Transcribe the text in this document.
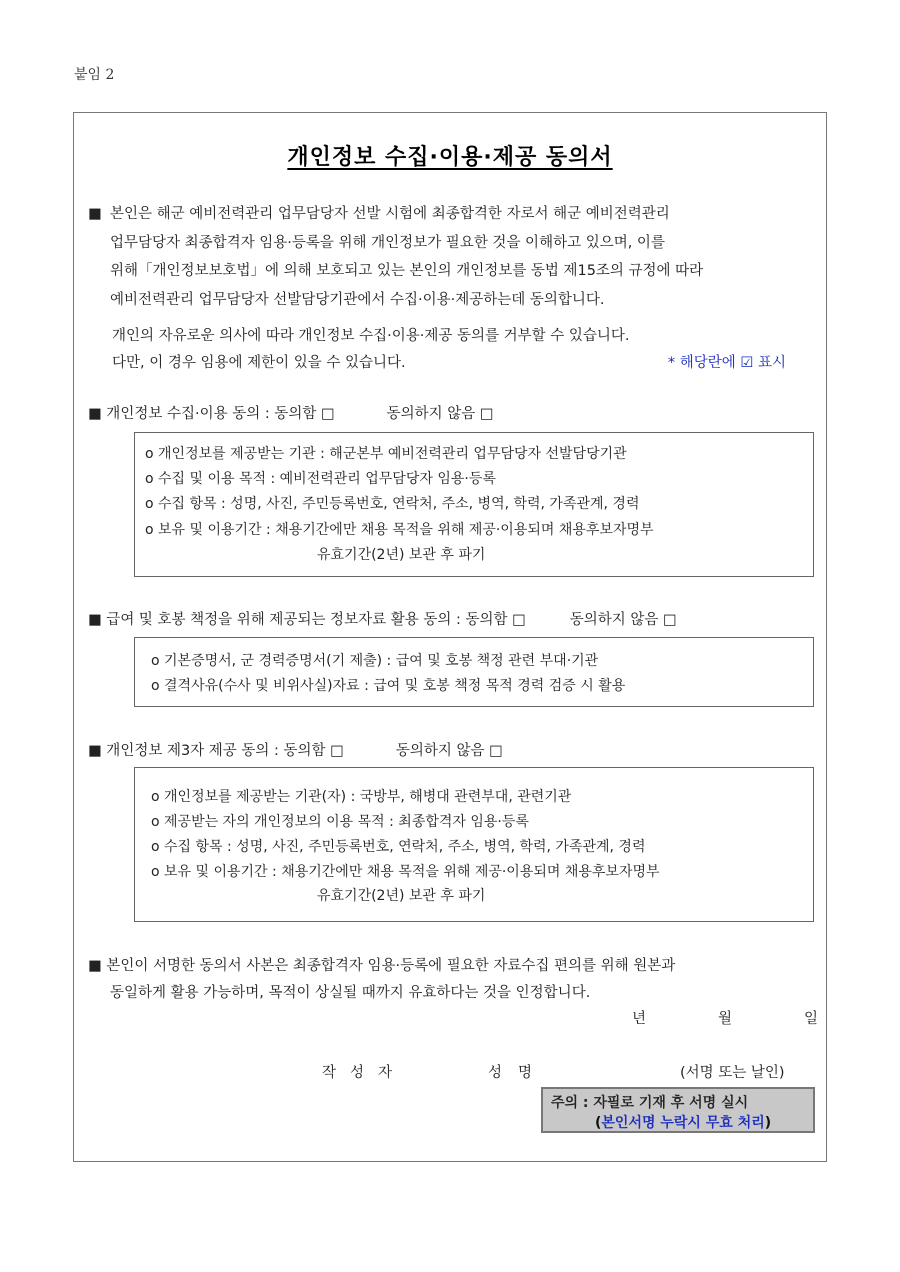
붙임 2
개인정보 수집·이용·제공 동의서
■ 본인은 해군 예비전력관리 업무담당자 선발 시험에 최종합격한 자로서 해군 예비전력관리
업무담당자 최종합격자 임용·등록을 위해 개인정보가 필요한 것을 이해하고 있으며, 이를
위해「개인정보보호법」에 의해 보호되고 있는 본인의 개인정보를 동법 제15조의 규정에 따라
예비전력관리 업무담당자 선발담당기관에서 수집·이용·제공하는데 동의합니다.
개인의 자유로운 의사에 따라 개인정보 수집·이용·제공 동의를 거부할 수 있습니다.
다만, 이 경우 임용에 제한이 있을 수 있습니다.	* 해당란에 ☑ 표시
■ 개인정보 수집·이용 동의 : 동의함 □	동의하지 않음 □
o 개인정보를 제공받는 기관 : 해군본부 예비전력관리 업무담당자 선발담당기관
o 수집 및 이용 목적 : 예비전력관리 업무담당자 임용·등록
o 수집 항목 : 성명, 사진, 주민등록번호, 연락처, 주소, 병역, 학력, 가족관계, 경력
o 보유 및 이용기간 : 채용기간에만 채용 목적을 위해 제공·이용되며 채용후보자명부
유효기간(2년) 보관 후 파기
■ 급여 및 호봉 책정을 위해 제공되는 정보자료 활용 동의 : 동의함 □	동의하지 않음 □
o 기본증명서, 군 경력증명서(기 제출) : 급여 및 호봉 책정 관련 부대·기관
o 결격사유(수사 및 비위사실)자료 : 급여 및 호봉 책정 목적 경력 검증 시 활용
■ 개인정보 제3자 제공 동의 : 동의함 □	동의하지 않음 □
o 개인정보를 제공받는 기관(자) : 국방부, 해병대 관련부대, 관련기관
o 제공받는 자의 개인정보의 이용 목적 : 최종합격자 임용·등록
o 수집 항목 : 성명, 사진, 주민등록번호, 연락처, 주소, 병역, 학력, 가족관계, 경력
o 보유 및 이용기간 : 채용기간에만 채용 목적을 위해 제공·이용되며 채용후보자명부
유효기간(2년) 보관 후 파기
■ 본인이 서명한 동의서 사본은 최종합격자 임용·등록에 필요한 자료수집 편의를 위해 원본과
동일하게 활용 가능하며, 목적이 상실될 때까지 유효하다는 것을 인정합니다.
년	월	일
작성자	성명	(서명 또는 날인)
주의 : 자필로 기재 후 서명 실시
(본인서명 누락시 무효 처리)
